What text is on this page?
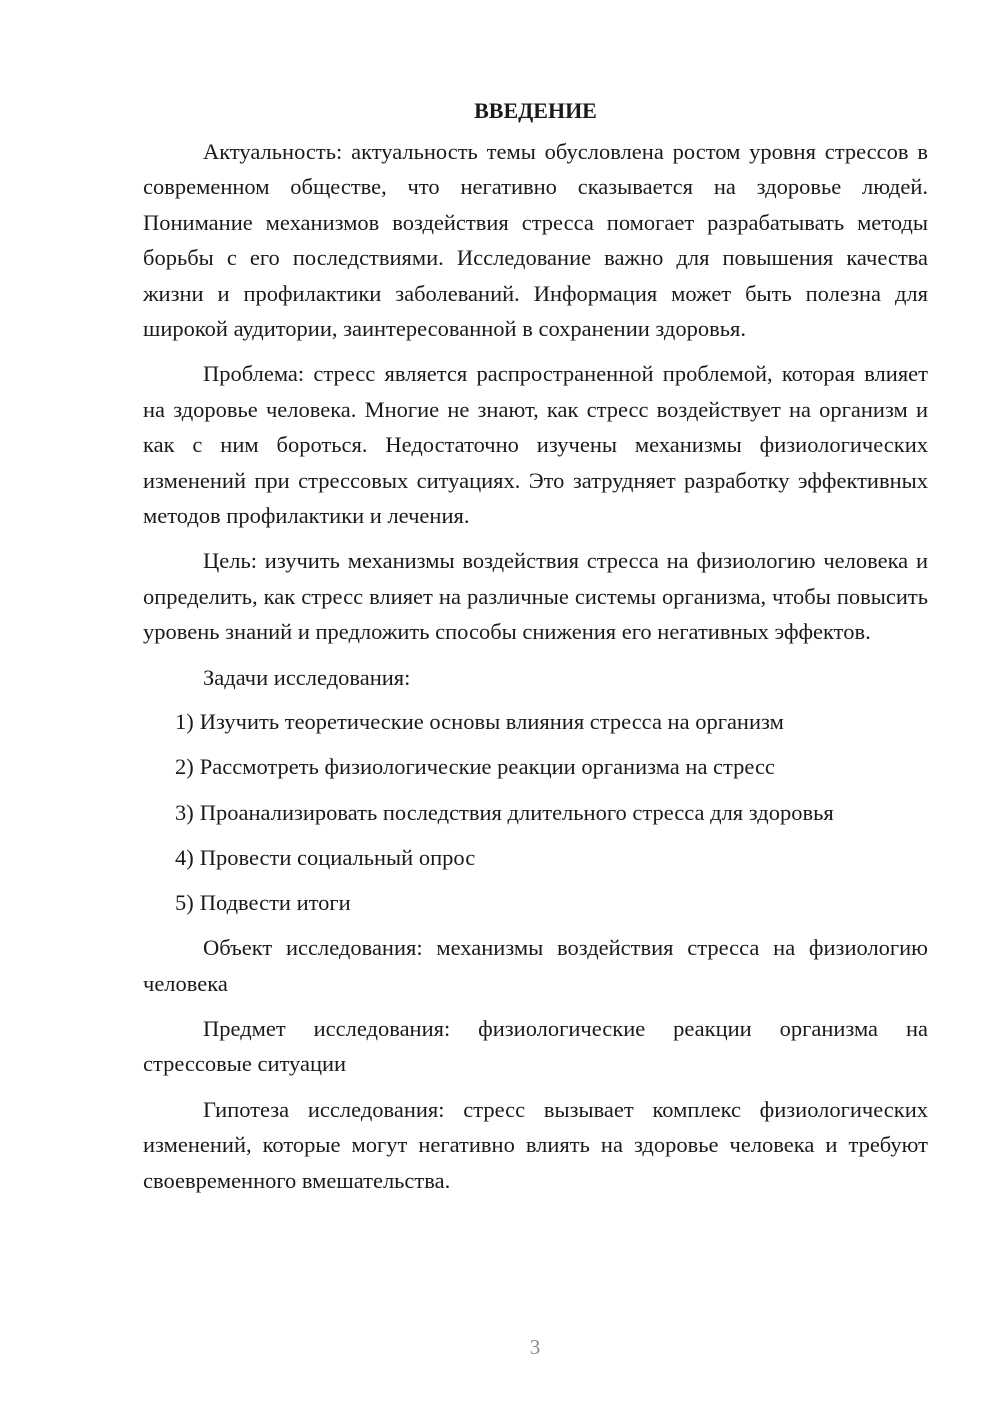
ВВЕДЕНИЕ

Актуальность: актуальность темы обусловлена ростом уровня стрессов в современном обществе, что негативно сказывается на здоровье людей. Понимание механизмов воздействия стресса помогает разрабатывать методы борьбы с его последствиями. Исследование важно для повышения качества жизни и профилактики заболеваний. Информация может быть полезна для широкой аудитории, заинтересованной в сохранении здоровья.

Проблема: стресс является распространенной проблемой, которая влияет на здоровье человека. Многие не знают, как стресс воздействует на организм и как с ним бороться. Недостаточно изучены механизмы физиологических изменений при стрессовых ситуациях. Это затрудняет разработку эффективных методов профилактики и лечения.

Цель: изучить механизмы воздействия стресса на физиологию человека и определить, как стресс влияет на различные системы организма, чтобы повысить уровень знаний и предложить способы снижения его негативных эффектов.

Задачи исследования:

1) Изучить теоретические основы влияния стресса на организм
2) Рассмотреть физиологические реакции организма на стресс
3) Проанализировать последствия длительного стресса для здоровья
4) Провести социальный опрос
5) Подвести итоги

Объект исследования: механизмы воздействия стресса на физиологию человека

Предмет исследования: физиологические реакции организма на стрессовые ситуации

Гипотеза исследования: стресс вызывает комплекс физиологических изменений, которые могут негативно влиять на здоровье человека и требуют своевременного вмешательства.

3
